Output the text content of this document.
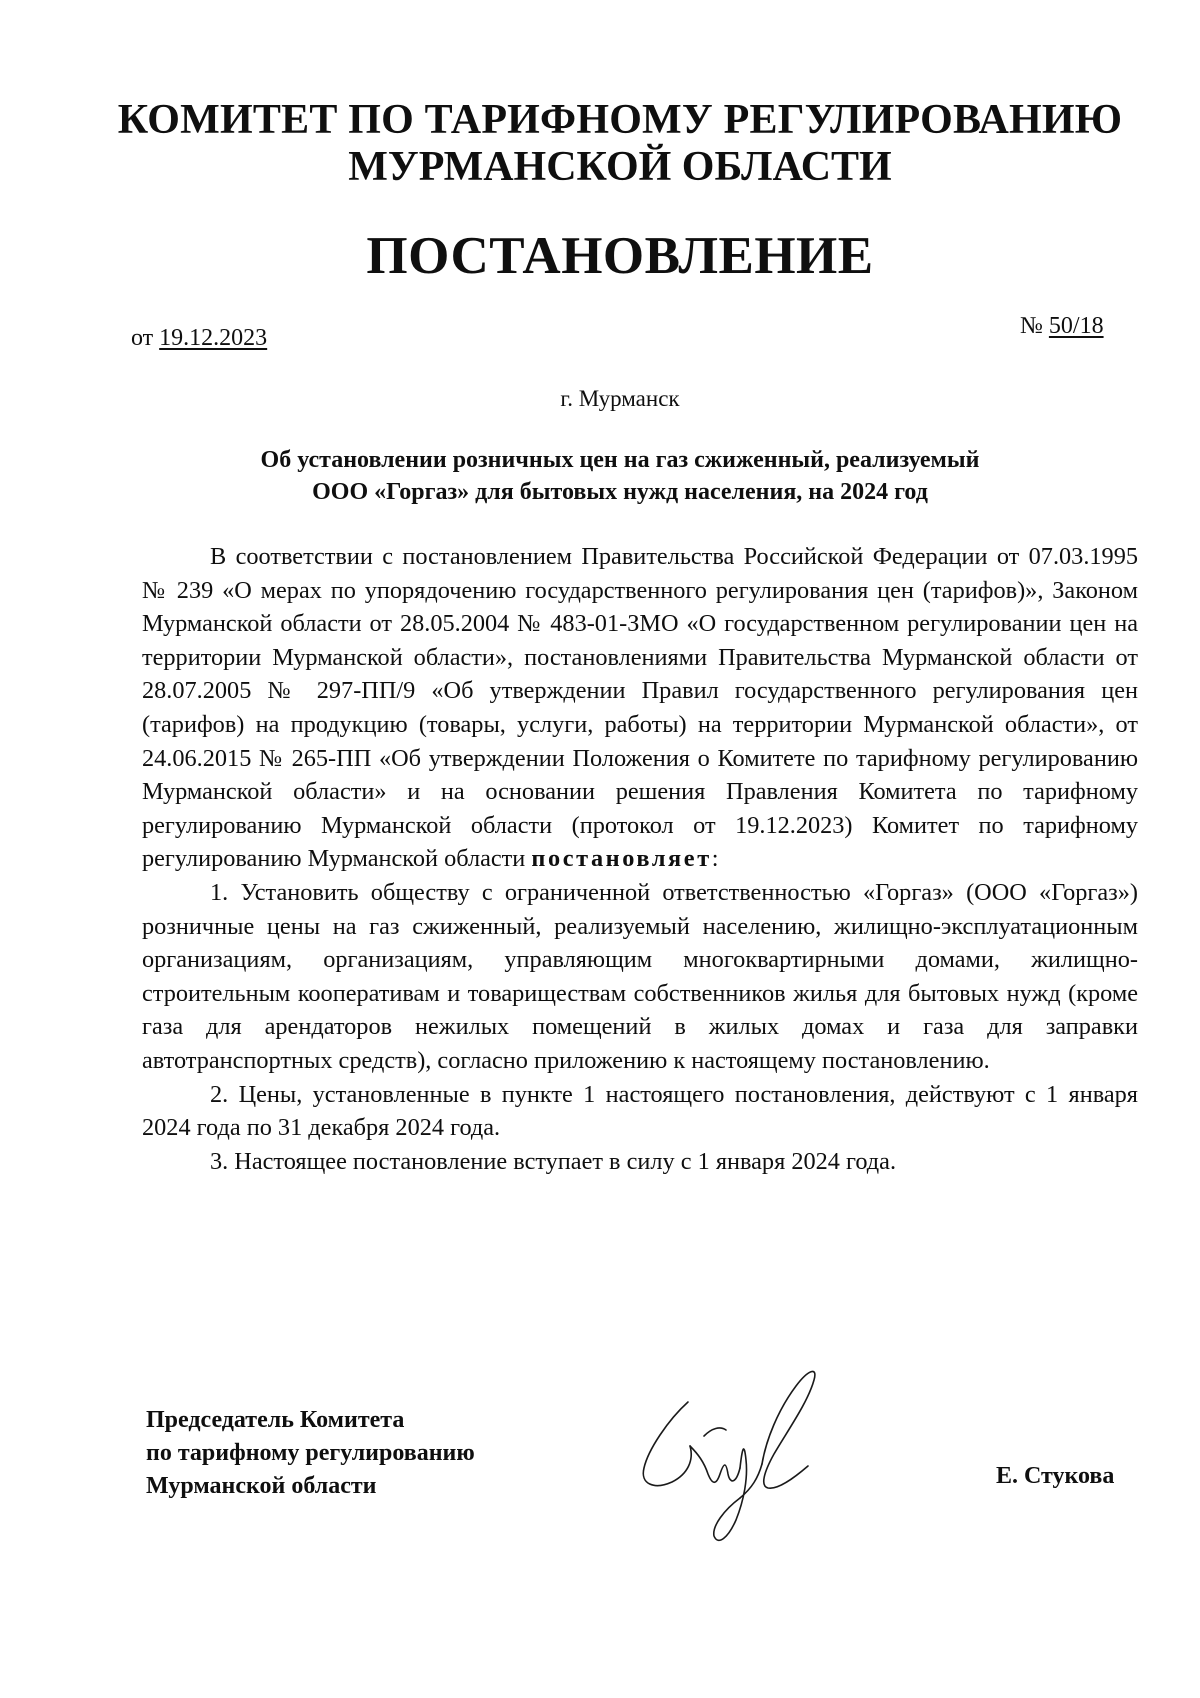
КОМИТЕТ ПО ТАРИФНОМУ РЕГУЛИРОВАНИЮ
МУРМАНСКОЙ ОБЛАСТИ
ПОСТАНОВЛЕНИЕ
от 19.12.2023	№ 50/18
г. Мурманск
Об установлении розничных цен на газ сжиженный, реализуемый
ООО «Горгаз» для бытовых нужд населения, на 2024 год

В соответствии с постановлением Правительства Российской Федерации от 07.03.1995 № 239 «О мерах по упорядочению государственного регулирования цен (тарифов)», Законом Мурманской области от 28.05.2004 № 483-01-ЗМО «О государственном регулировании цен на территории Мурманской области», постановлениями Правительства Мурманской области от 28.07.2005 № 297-ПП/9 «Об утверждении Правил государственного регулирования цен (тарифов) на продукцию (товары, услуги, работы) на территории Мурманской области», от 24.06.2015 № 265-ПП «Об утверждении Положения о Комитете по тарифному регулированию Мурманской области» и на основании решения Правления Комитета по тарифному регулированию Мурманской области (протокол от 19.12.2023) Комитет по тарифному регулированию Мурманской области постановляет:

1. Установить обществу с ограниченной ответственностью «Горгаз» (ООО «Горгаз») розничные цены на газ сжиженный, реализуемый населению, жилищно-эксплуатационным организациям, организациям, управляющим многоквартирными домами, жилищно-строительным кооперативам и товариществам собственников жилья для бытовых нужд (кроме газа для арендаторов нежилых помещений в жилых домах и газа для заправки автотранспортных средств), согласно приложению к настоящему постановлению.

2. Цены, установленные в пункте 1 настоящего постановления, действуют с 1 января 2024 года по 31 декабря 2024 года.

3. Настоящее постановление вступает в силу с 1 января 2024 года.

Председатель Комитета
по тарифному регулированию
Мурманской области	Е. Стукова
